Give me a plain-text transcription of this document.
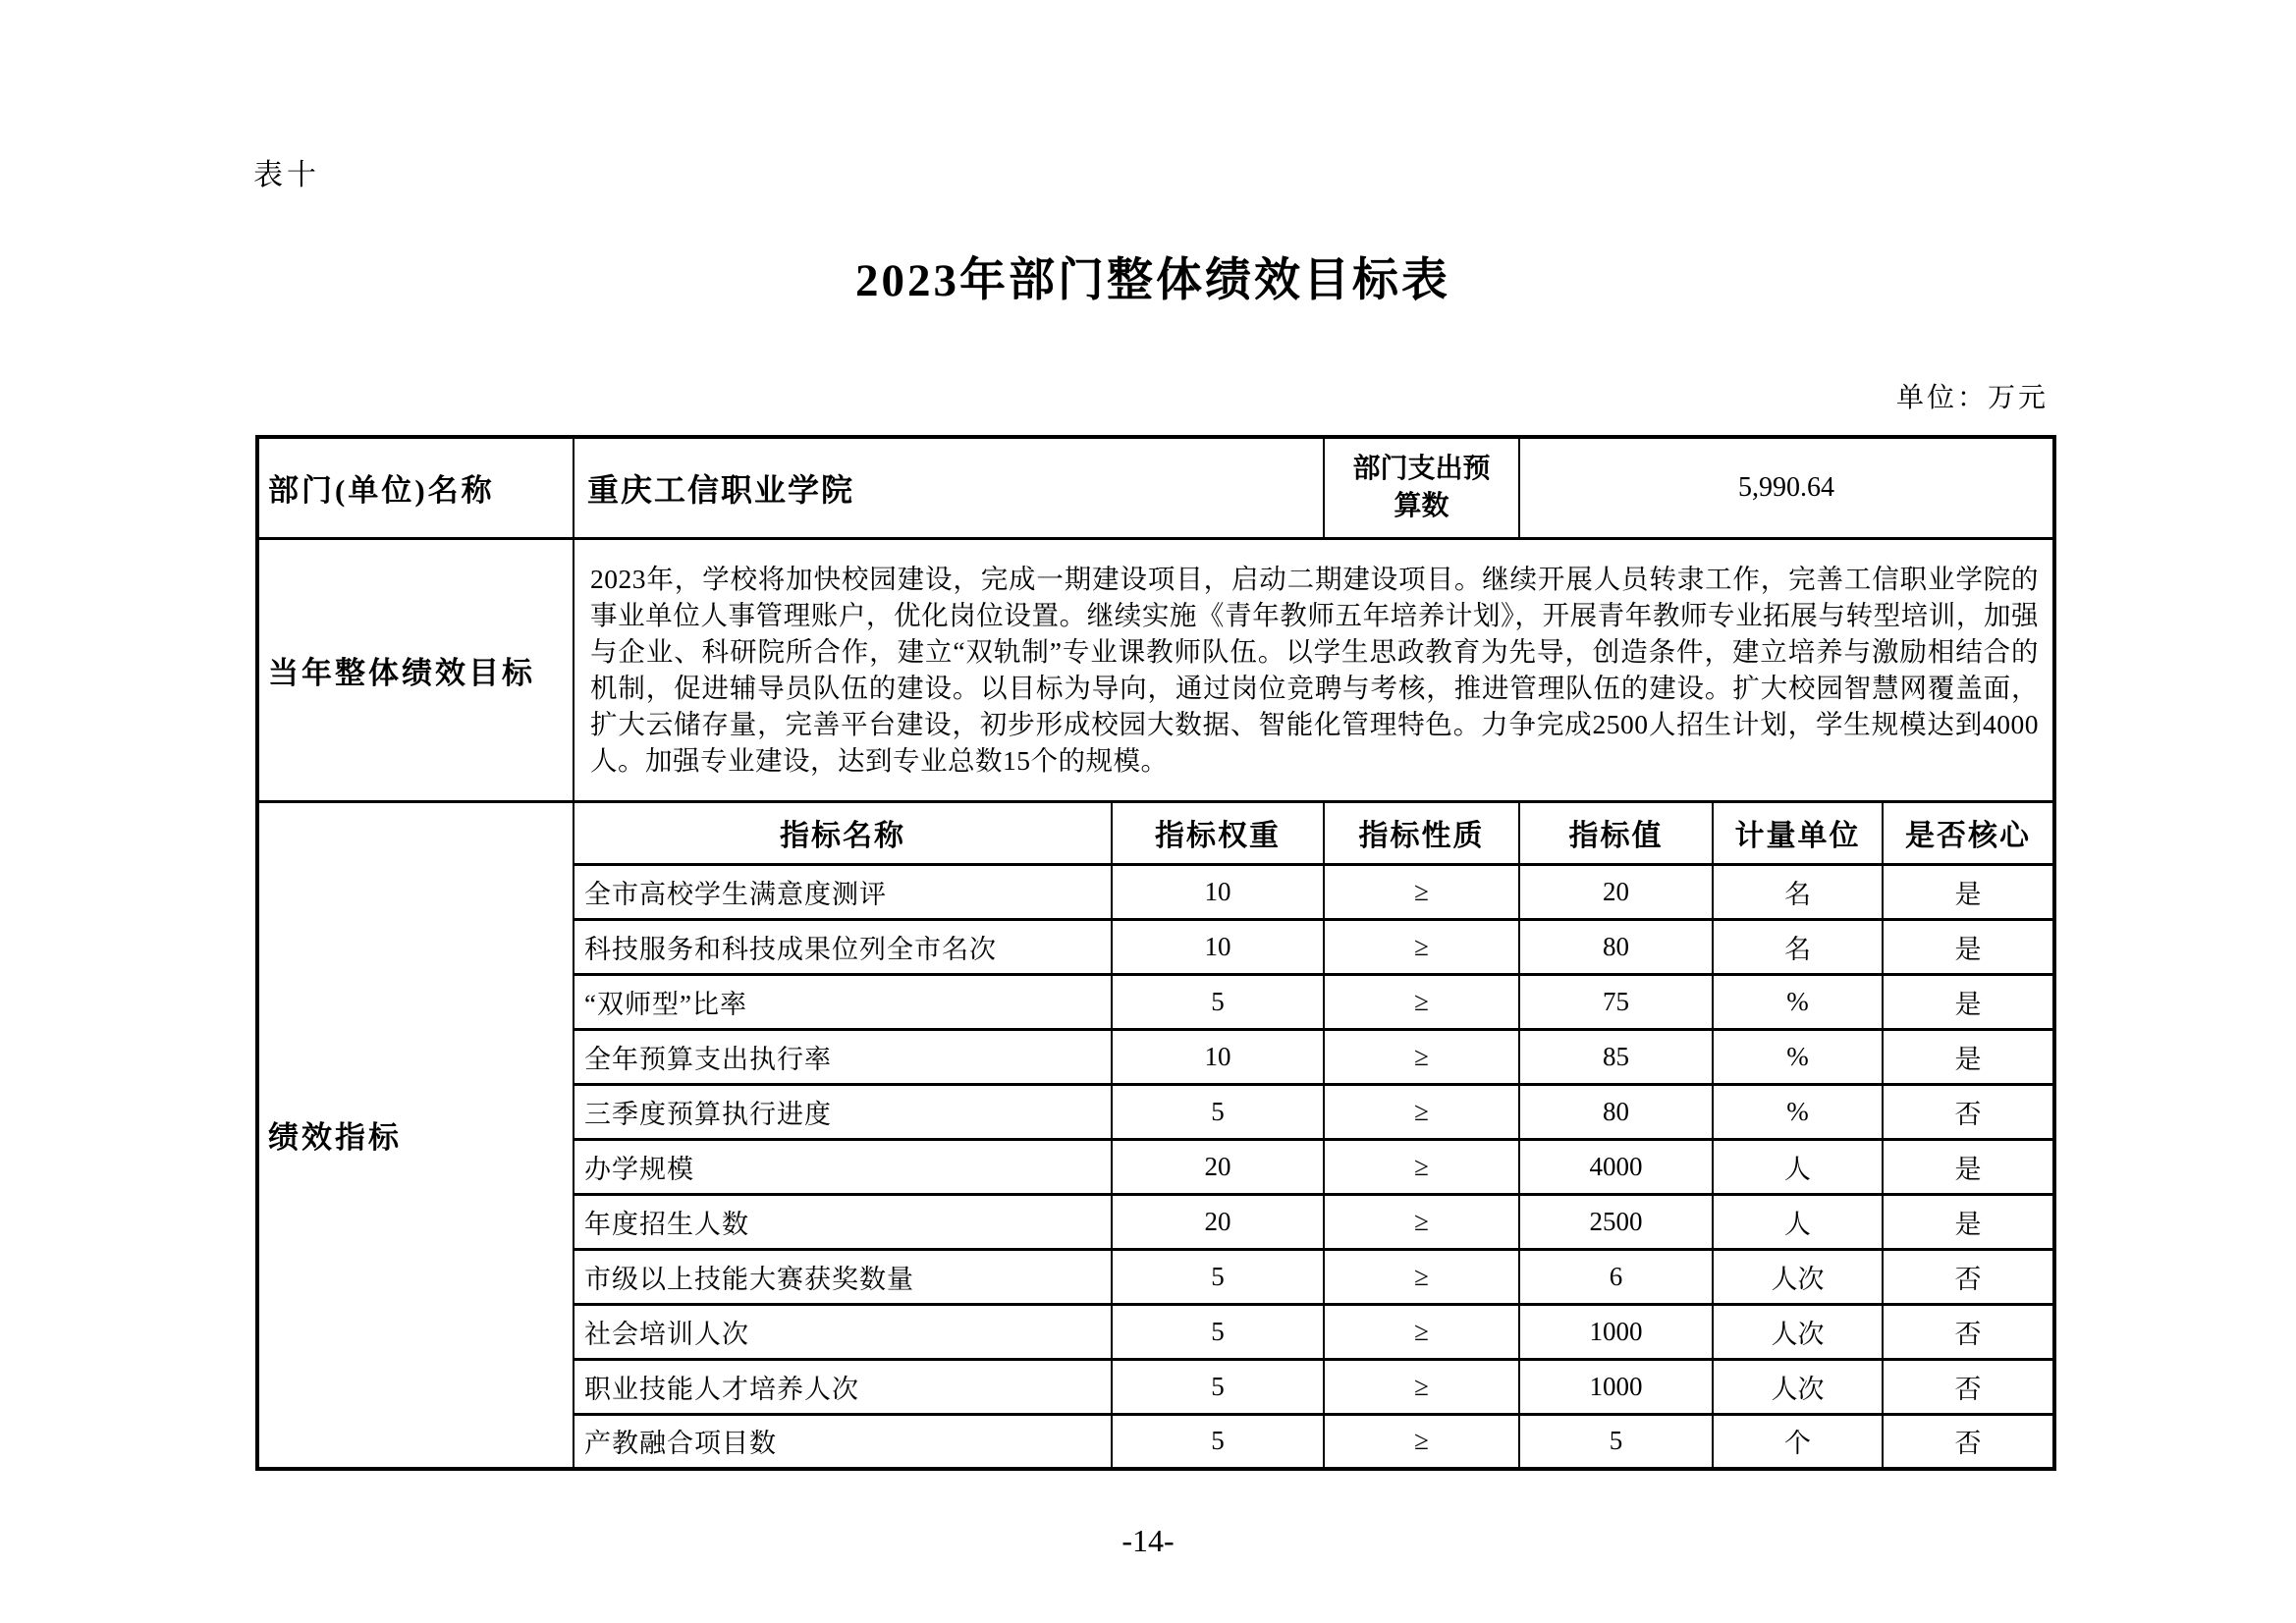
表十
2023年部门整体绩效目标表
单位：万元
部门(单位)名称	重庆工信职业学院		部门支出预算数	5,990.64		
当年整体绩效目标	2023年，学校将加快校园建设，完成一期建设项目，启动二期建设项目。继续开展人员转隶工作，完善工信职业学院的事业单位人事管理账户，优化岗位设置。继续实施《青年教师五年培养计划》，开展青年教师专业拓展与转型培训，加强与企业、科研院所合作，建立“双轨制”专业课教师队伍。以学生思政教育为先导，创造条件，建立培养与激励相结合的机制，促进辅导员队伍的建设。以目标为导向，通过岗位竞聘与考核，推进管理队伍的建设。扩大校园智慧网覆盖面，扩大云储存量，完善平台建设，初步形成校园大数据、智能化管理特色。力争完成2500人招生计划，学生规模达到4000人。加强专业建设，达到专业总数15个的规模。					
绩效指标	指标名称	指标权重	指标性质	指标值	计量单位	是否核心
	全市高校学生满意度测评	10	≥	20	名	是
	科技服务和科技成果位列全市名次	10	≥	80	名	是
	“双师型”比率	5	≥	75	%	是
	全年预算支出执行率	10	≥	85	%	是
	三季度预算执行进度	5	≥	80	%	否
	办学规模	20	≥	4000	人	是
	年度招生人数	20	≥	2500	人	是
	市级以上技能大赛获奖数量	5	≥	6	人次	否
	社会培训人次	5	≥	1000	人次	否
	职业技能人才培养人次	5	≥	1000	人次	否
	产教融合项目数	5	≥	5	个	否
-14-
